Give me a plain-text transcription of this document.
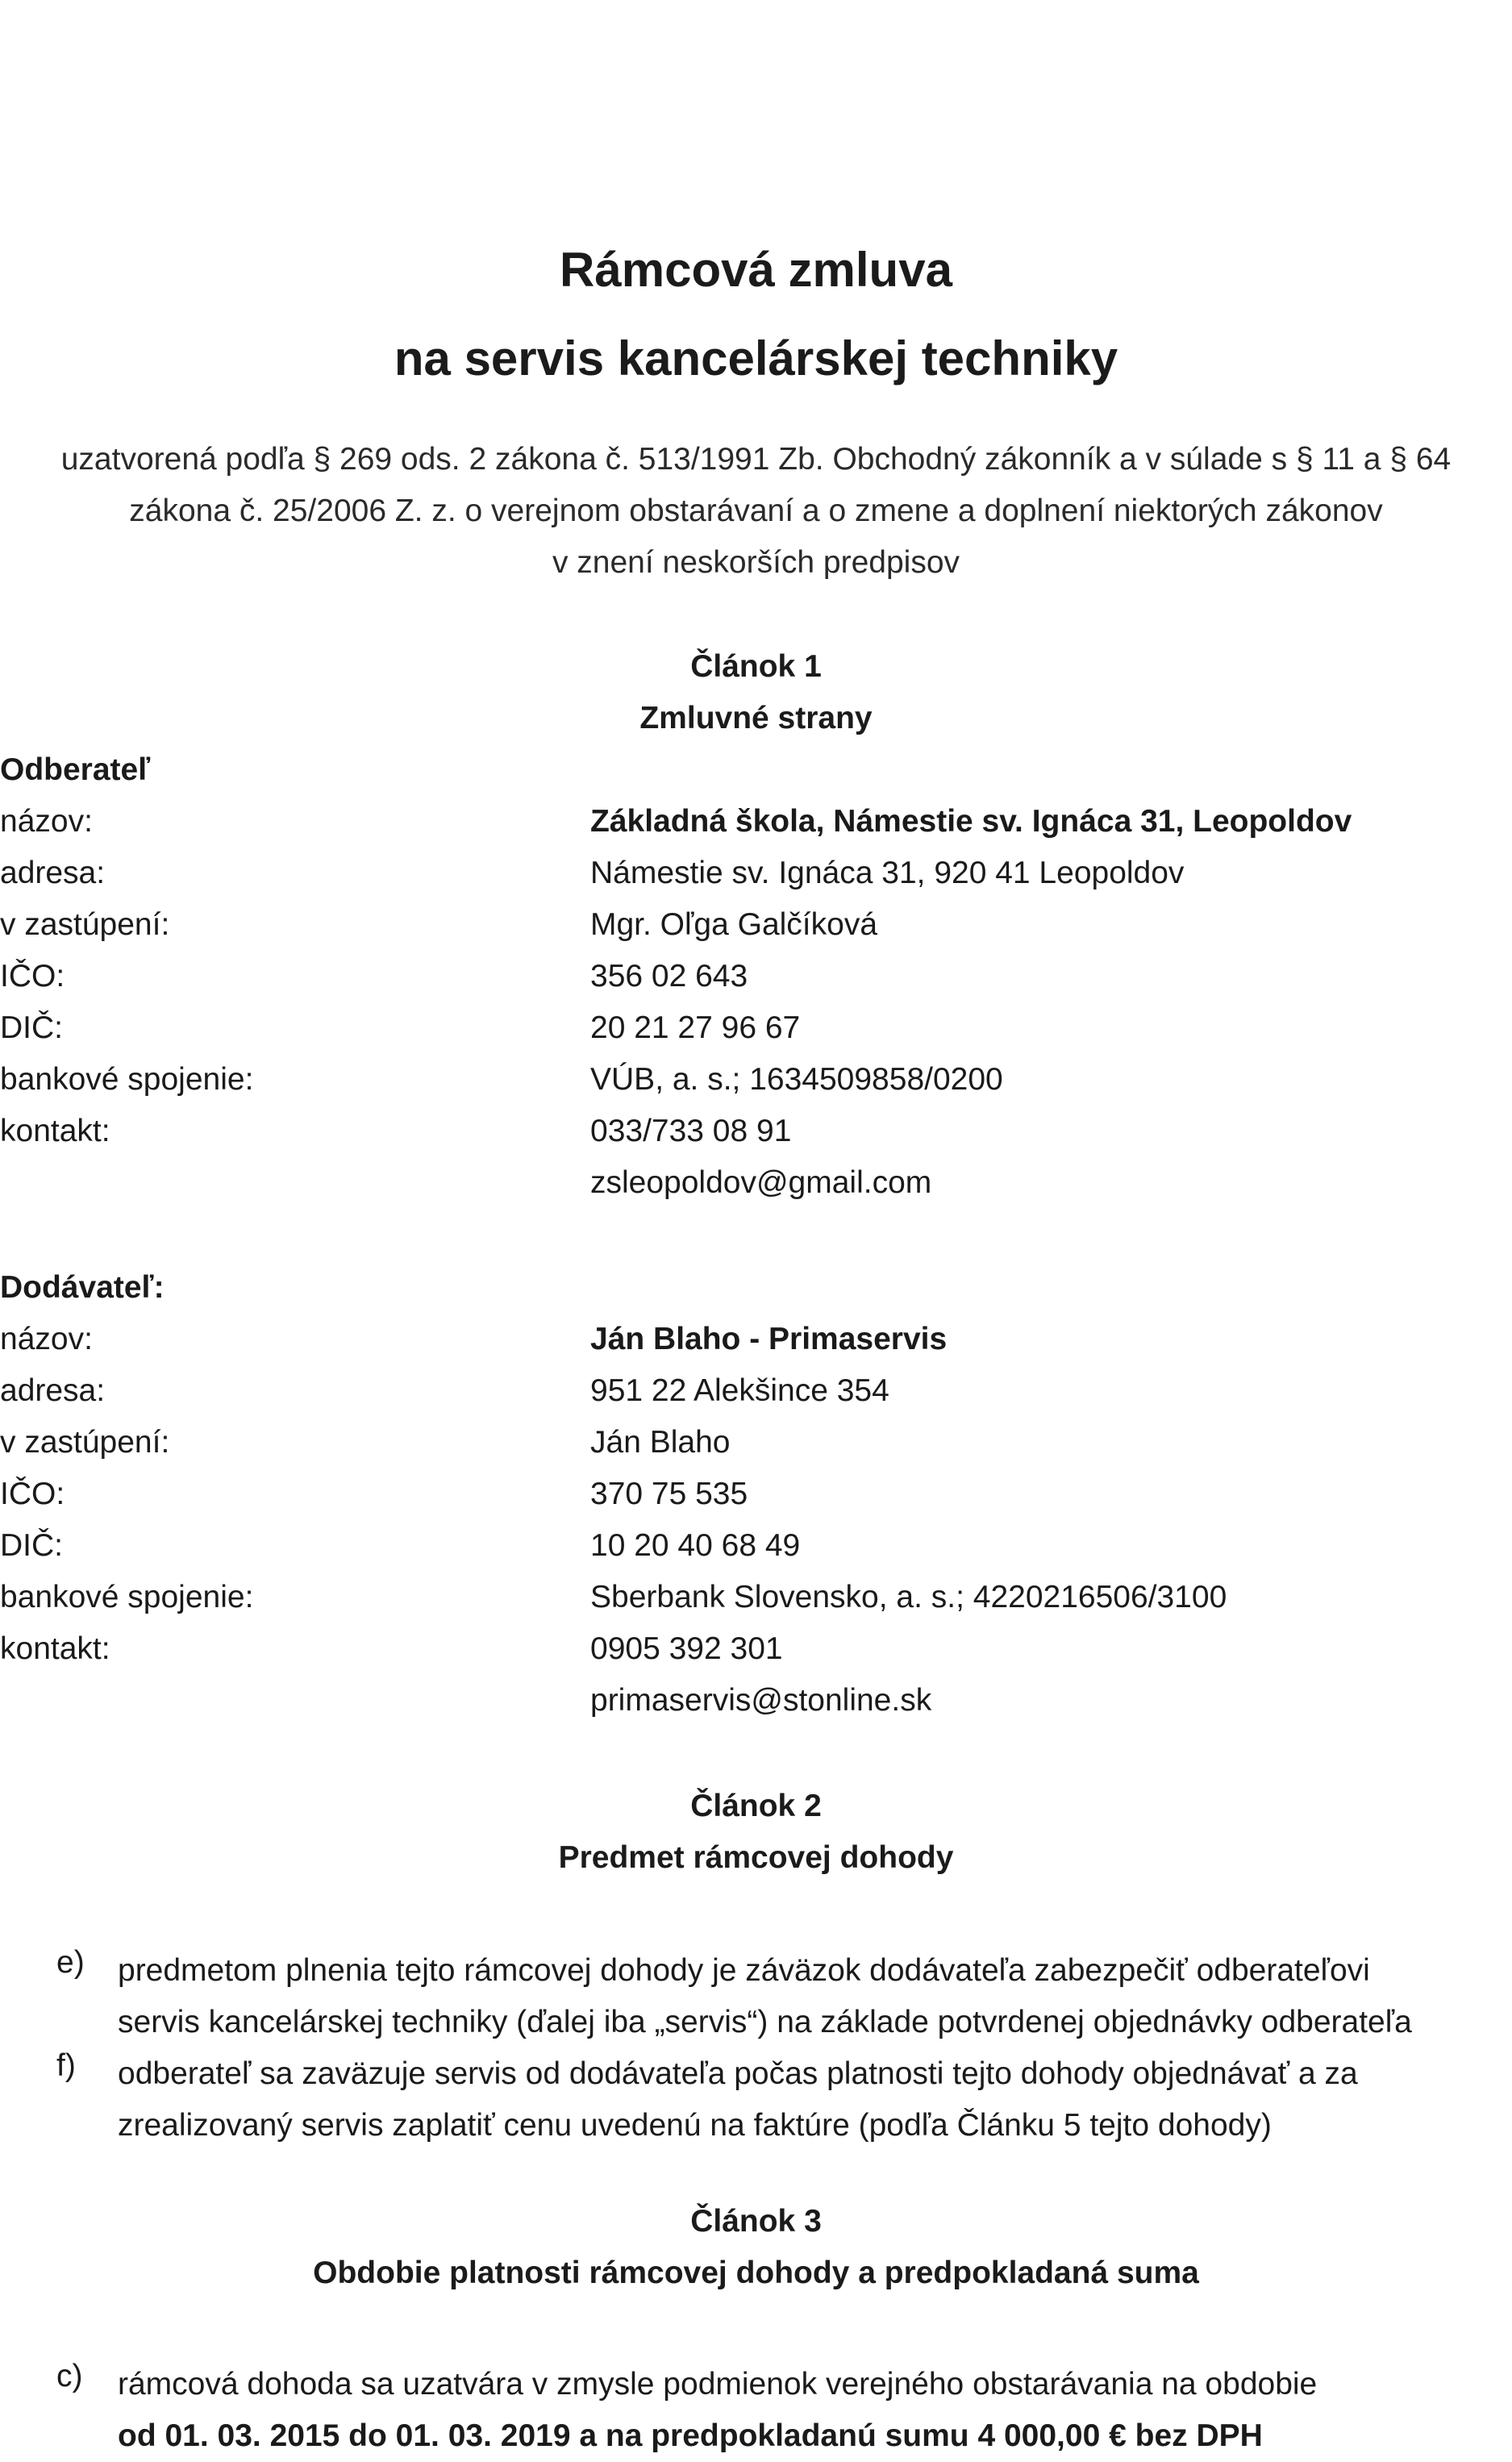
Rámcová zmluva
na servis kancelárskej techniky

uzatvorená podľa § 269 ods. 2 zákona č. 513/1991 Zb. Obchodný zákonník a v súlade s § 11 a § 64

zákona č. 25/2006 Z. z. o verejnom obstarávaní a o zmene a doplnení niektorých zákonov

v znení neskorších predpisov

Článok 1

Zmluvné strany

Odberateľ

názov:	Základná škola, Námestie sv. Ignáca 31, Leopoldov
adresa:	Námestie sv. Ignáca 31, 920 41 Leopoldov
v zastúpení:	Mgr. Oľga Galčíková
IČO:	356 02 643
DIČ:	20 21 27 96 67
bankové spojenie:	VÚB, a. s.; 1634509858/0200
kontakt:	033/733 08 91
zsleopoldov@gmail.com

Dodávateľ:

názov:	Ján Blaho - Primaservis
adresa:	951 22 Alekšince 354
v zastúpení:	Ján Blaho
IČO:	370 75 535
DIČ:	10 20 40 68 49
bankové spojenie:	Sberbank Slovensko, a. s.; 4220216506/3100
kontakt:	0905 392 301
primaservis@stonline.sk

Článok 2

Predmet rámcovej dohody

e) predmetom plnenia tejto rámcovej dohody je záväzok dodávateľa zabezpečiť odberateľovi
servis kancelárskej techniky (ďalej iba „servis“) na základe potvrdenej objednávky odberateľa
f) odberateľ sa zaväzuje servis od dodávateľa počas platnosti tejto dohody objednávať a za
zrealizovaný servis zaplatiť cenu uvedenú na faktúre (podľa Článku 5 tejto dohody)

Článok 3

Obdobie platnosti rámcovej dohody a predpokladaná suma

c) rámcová dohoda sa uzatvára v zmysle podmienok verejného obstarávania na obdobie
od 01. 03. 2015 do 01. 03. 2019 a na predpokladanú sumu 4 000,00 € bez DPH
